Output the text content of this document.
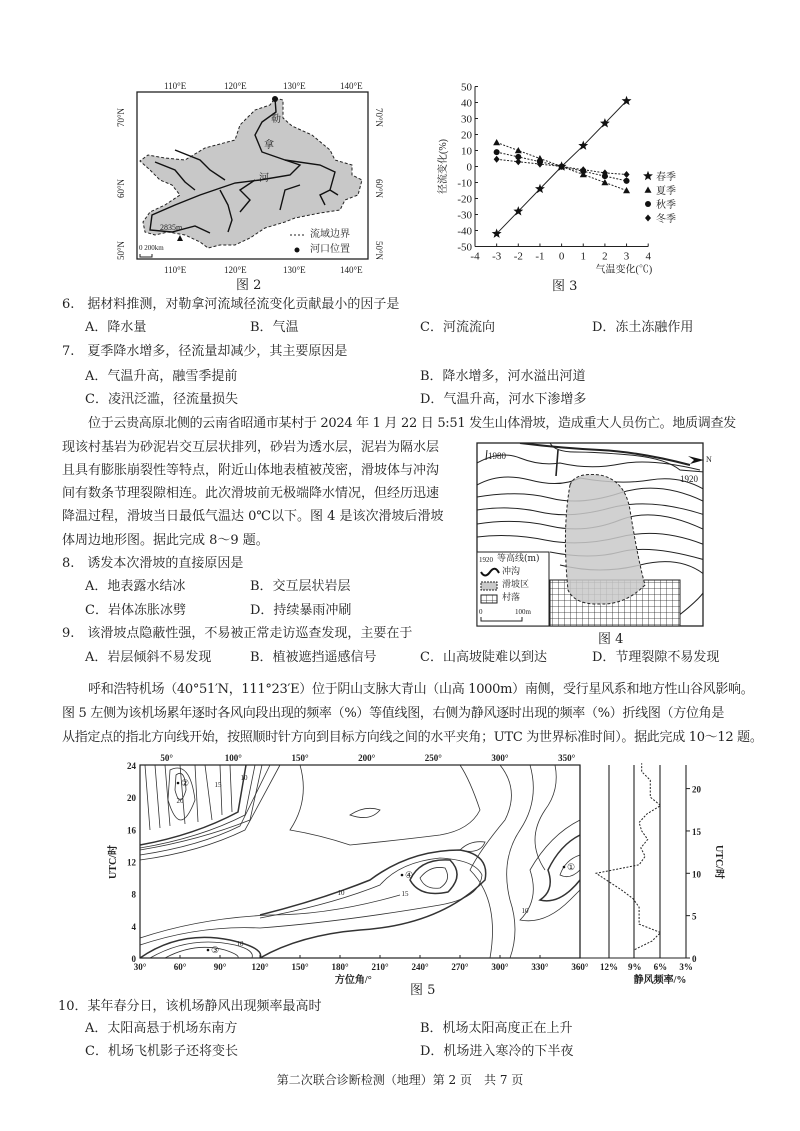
勒
拿
河
110°E	120°E	130°E	140°E
110°E	120°E	130°E	140°E
70°N
60°N
50°N
70°N
60°N
50°N
2835m
0 200km
流域边界
河口位置
图 2
50
40
30
20
10
0
-10
-20
-30
-40
-50
-4 -3 -2 -1 0 1 2 3 4
气温变化(℃)
径流变化(%)	春季
夏季
秋季
冬季
图 3
6.　据材料推测，对勒拿河流域径流变化贡献最小的因子是
A．降水量	B．气温	C．河流流向	D．冻土冻融作用
7.　夏季降水增多，径流量却减少，其主要原因是
A．气温升高，融雪季提前	B．降水增多，河水溢出河道
C．凌汛泛滥，径流量损失	D．气温升高，河水下渗增多
位于云贵高原北侧的云南省昭通市某村于 2024 年 1 月 22 日 5:51 发生山体滑坡，造成重大人员伤亡。地质调查发
现该村基岩为砂泥岩交互层状排列，砂岩为透水层，泥岩为隔水层
且具有膨胀崩裂性等特点，附近山体地表植被茂密，滑坡体与冲沟
间有数条节理裂隙相连。此次滑坡前无极端降水情况，但经历迅速
降温过程，滑坡当日最低气温达 0℃以下。图 4 是该次滑坡后滑坡
体周边地形图。据此完成 8～9 题。
8.　诱发本次滑坡的直接原因是
A．地表露水结冰	B．交互层状岩层
C．岩体冻胀冰劈	D．持续暴雨冲刷
9.　该滑坡点隐蔽性强，不易被正常走访巡查发现，主要在于
A．岩层倾斜不易发现	B．植被遮挡遥感信号	C．山高坡陡难以到达	D．节理裂隙不易发现
1980
1920
N
1920 等高线(m)
冲沟
滑坡区
村落
0	100m
图 4
呼和浩特机场（40°51′N，111°23′E）位于阴山支脉大青山（山高 1000m）南侧，受行星风系和地方性山谷风影响。
图 5 左侧为该机场累年逐时各风向段出现的频率（%）等值线图，右侧为静风逐时出现的频率（%）折线图（方位角是
从指定点的指北方向线开始，按照顺时针方向到目标方向线之间的水平夹角；UTC 为世界标准时间）。据此完成 10～12 题。
50°	100°	150°	200°	250°	300°	350°
30°	60°	90°	120°	150°	180°	210°	240°	270°	300°	330°	360°
方位角/°
0
4
8
12
16
20
24
UTC/时
20
15
10
10	15
10
10
①
②
③
④
12% 9% 6% 3%
静风频率/%
0
5
10
15
20
UTC/时
图 5
10．某年春分日，该机场静风出现频率最高时
A．太阳高悬于机场东南方	B．机场太阳高度正在上升
C．机场飞机影子还将变长	D．机场进入寒冷的下半夜
第二次联合诊断检测（地理）第 2 页　共 7 页
